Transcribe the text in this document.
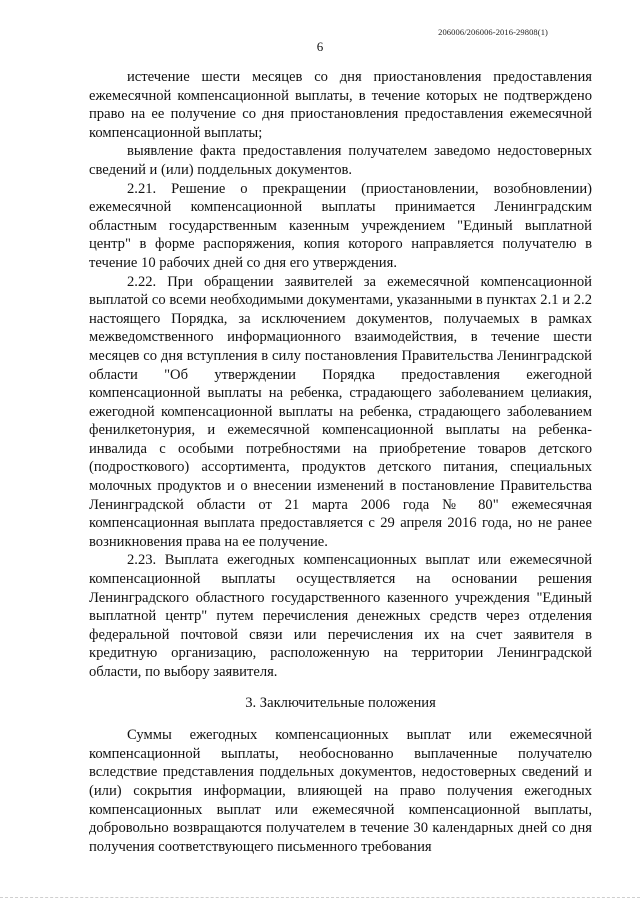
206006/206006-2016-29808(1)
6

истечение шести месяцев со дня приостановления предоставления ежемесячной компенсационной выплаты, в течение которых не подтверждено право на ее получение со дня приостановления предоставления ежемесячной компенсационной выплаты;

выявление факта предоставления получателем заведомо недостоверных сведений и (или) поддельных документов.

2.21. Решение о прекращении (приостановлении, возобновлении) ежемесячной компенсационной выплаты принимается Ленинградским областным государственным казенным учреждением "Единый выплатной центр" в форме распоряжения, копия которого направляется получателю в течение 10 рабочих дней со дня его утверждения.

2.22. При обращении заявителей за ежемесячной компенсационной выплатой со всеми необходимыми документами, указанными в пунктах 2.1 и 2.2 настоящего Порядка, за исключением документов, получаемых в рамках межведомственного информационного взаимодействия, в течение шести месяцев со дня вступления в силу постановления Правительства Ленинградской области "Об утверждении Порядка предоставления ежегодной компенсационной выплаты на ребенка, страдающего заболеванием целиакия, ежегодной компенсационной выплаты на ребенка, страдающего заболеванием фенилкетонурия, и ежемесячной компенсационной выплаты на ребенка-инвалида с особыми потребностями на приобретение товаров детского (подросткового) ассортимента, продуктов детского питания, специальных молочных продуктов и о внесении изменений в постановление Правительства Ленинградской области от 21 марта 2006 года № 80" ежемесячная компенсационная выплата предоставляется с 29 апреля 2016 года, но не ранее возникновения права на ее получение.

2.23. Выплата ежегодных компенсационных выплат или ежемесячной компенсационной выплаты осуществляется на основании решения Ленинградского областного государственного казенного учреждения "Единый выплатной центр" путем перечисления денежных средств через отделения федеральной почтовой связи или перечисления их на счет заявителя в кредитную организацию, расположенную на территории Ленинградской области, по выбору заявителя.

3. Заключительные положения

Суммы ежегодных компенсационных выплат или ежемесячной компенсационной выплаты, необоснованно выплаченные получателю вследствие представления поддельных документов, недостоверных сведений и (или) сокрытия информации, влияющей на право получения ежегодных компенсационных выплат или ежемесячной компенсационной выплаты, добровольно возвращаются получателем в течение 30 календарных дней со дня получения соответствующего письменного требования
